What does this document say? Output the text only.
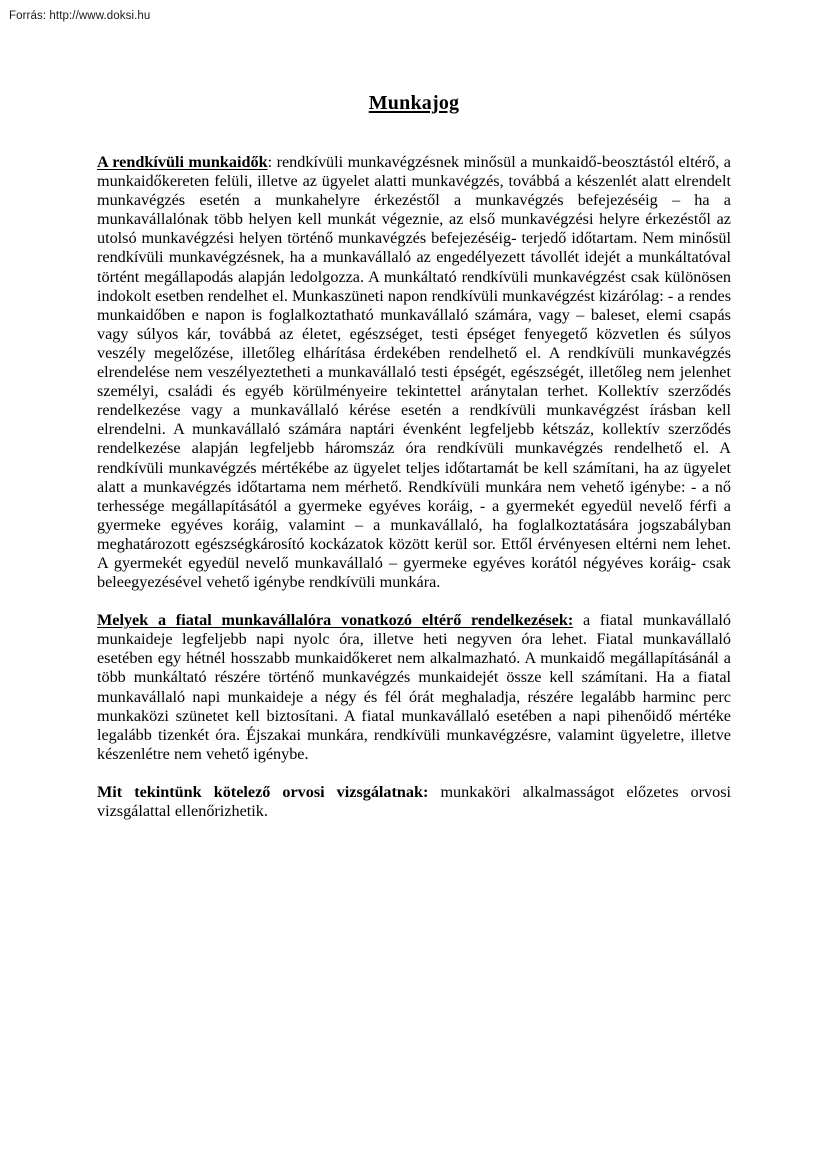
Forrás: http://www.doksi.hu
Munkajog

A rendkívüli munkaidők: rendkívüli munkavégzésnek minősül a munkaidő-beosztástól eltérő, a munkaidőkereten felüli, illetve az ügyelet alatti munkavégzés, továbbá a készenlét alatt elrendelt munkavégzés esetén a munkahelyre érkezéstől a munkavégzés befejezéséig – ha a munkavállalónak több helyen kell munkát végeznie, az első munkavégzési helyre érkezéstől az utolsó munkavégzési helyen történő munkavégzés befejezéséig- terjedő időtartam. Nem minősül rendkívüli munkavégzésnek, ha a munkavállaló az engedélyezett távollét idejét a munkáltatóval történt megállapodás alapján ledolgozza. A munkáltató rendkívüli munkavégzést csak különösen indokolt esetben rendelhet el. Munkaszüneti napon rendkívüli munkavégzést kizárólag: - a rendes munkaidőben e napon is foglalkoztatható munkavállaló számára, vagy – baleset, elemi csapás vagy súlyos kár, továbbá az életet, egészséget, testi épséget fenyegető közvetlen és súlyos veszély megelőzése, illetőleg elhárítása érdekében rendelhető el. A rendkívüli munkavégzés elrendelése nem veszélyeztetheti a munkavállaló testi épségét, egészségét, illetőleg nem jelenhet személyi, családi és egyéb körülményeire tekintettel aránytalan terhet. Kollektív szerződés rendelkezése vagy a munkavállaló kérése esetén a rendkívüli munkavégzést írásban kell elrendelni. A munkavállaló számára naptári évenként legfeljebb kétszáz, kollektív szerződés rendelkezése alapján legfeljebb háromszáz óra rendkívüli munkavégzés rendelhető el. A rendkívüli munkavégzés mértékébe az ügyelet teljes időtartamát be kell számítani, ha az ügyelet alatt a munkavégzés időtartama nem mérhető. Rendkívüli munkára nem vehető igénybe: - a nő terhessége megállapításától a gyermeke egyéves koráig, - a gyermekét egyedül nevelő férfi a gyermeke egyéves koráig, valamint – a munkavállaló, ha foglalkoztatására jogszabályban meghatározott egészségkárosító kockázatok között kerül sor. Ettől érvényesen eltérni nem lehet. A gyermekét egyedül nevelő munkavállaló – gyermeke egyéves korától négyéves koráig- csak beleegyezésével vehető igénybe rendkívüli munkára.

Melyek a fiatal munkavállalóra vonatkozó eltérő rendelkezések: a fiatal munkavállaló munkaideje legfeljebb napi nyolc óra, illetve heti negyven óra lehet. Fiatal munkavállaló esetében egy hétnél hosszabb munkaidőkeret nem alkalmazható. A munkaidő megállapításánál a több munkáltató részére történő munkavégzés munkaidejét össze kell számítani. Ha a fiatal munkavállaló napi munkaideje a négy és fél órát meghaladja, részére legalább harminc perc munkaközi szünetet kell biztosítani. A fiatal munkavállaló esetében a napi pihenőidő mértéke legalább tizenkét óra. Éjszakai munkára, rendkívüli munkavégzésre, valamint ügyeletre, illetve készenlétre nem vehető igénybe.

Mit tekintünk kötelező orvosi vizsgálatnak: munkaköri alkalmasságot előzetes orvosi vizsgálattal ellenőrizhetik.
